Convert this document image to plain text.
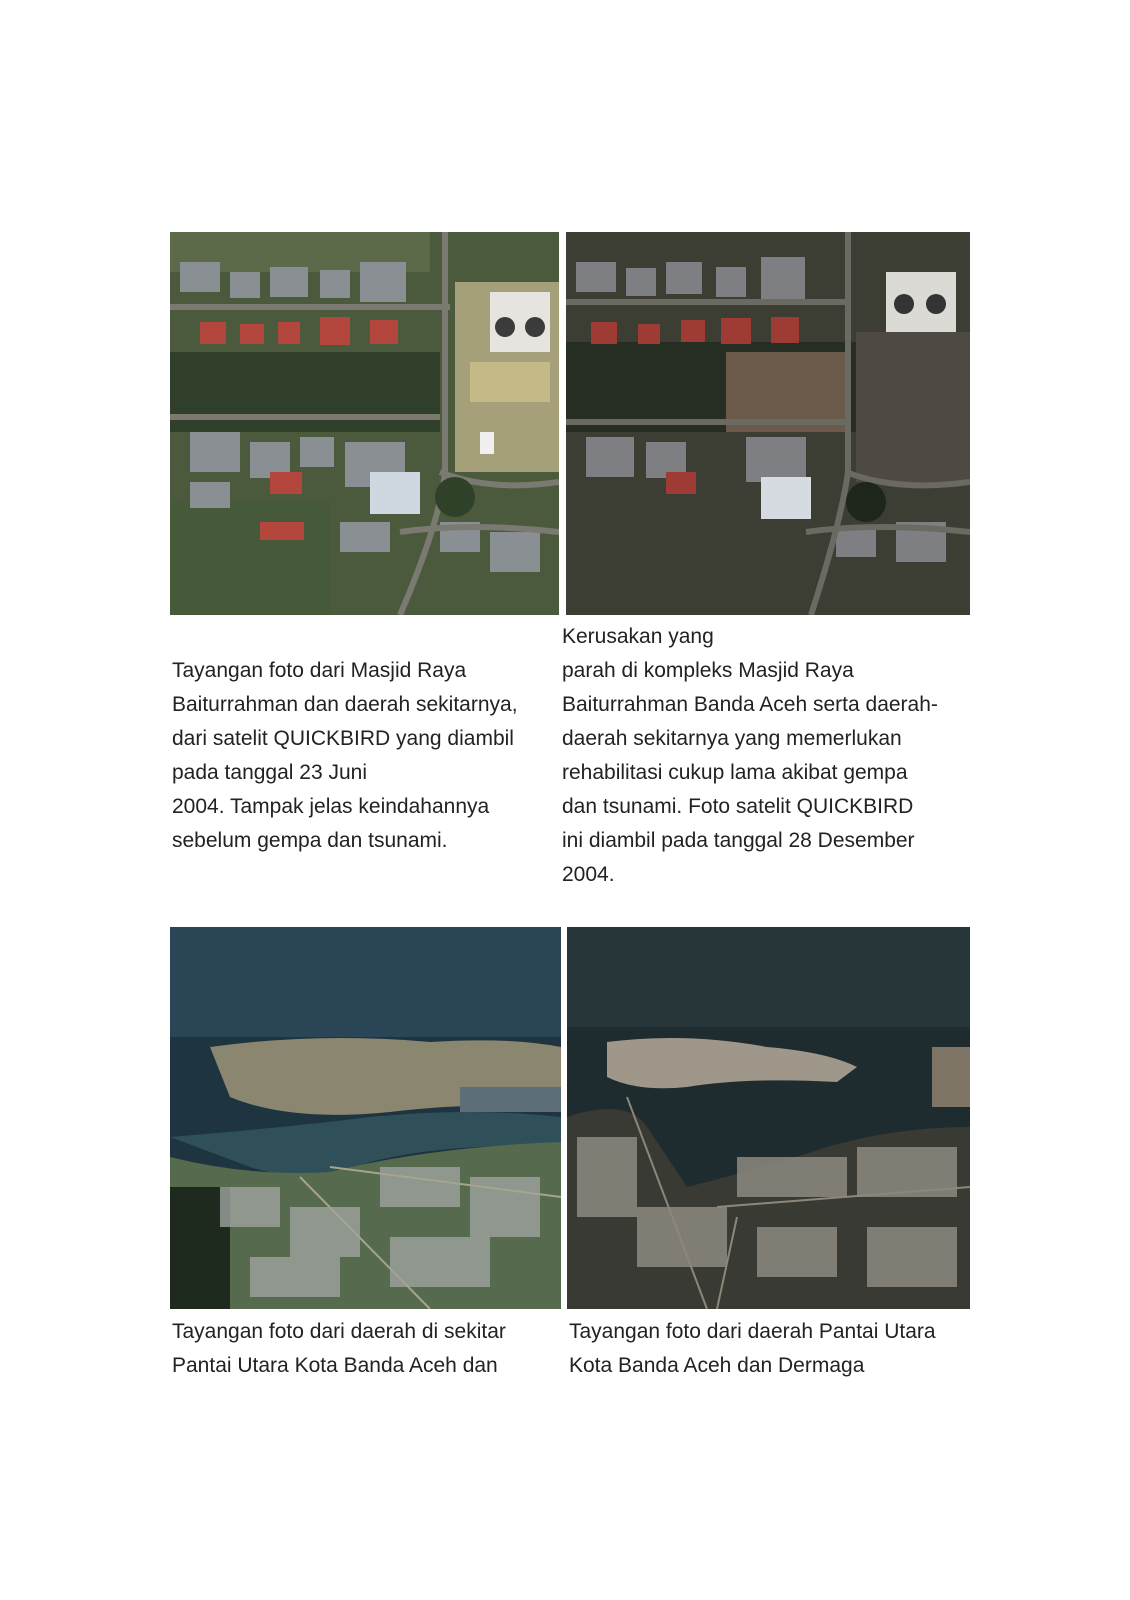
Tayangan foto dari Masjid Raya
Baiturrahman dan daerah sekitarnya,
dari satelit QUICKBIRD yang diambil
pada tanggal 23 Juni
2004. Tampak jelas keindahannya
sebelum gempa dan tsunami.

Kerusakan yang
parah di kompleks Masjid Raya
Baiturrahman Banda Aceh serta daerah-
daerah sekitarnya yang memerlukan
rehabilitasi cukup lama akibat gempa
dan tsunami. Foto satelit QUICKBIRD
ini diambil pada tanggal 28 Desember
2004.

Tayangan foto dari daerah di sekitar
Pantai Utara Kota Banda Aceh dan

Tayangan foto dari daerah Pantai Utara
Kota Banda Aceh dan Dermaga
